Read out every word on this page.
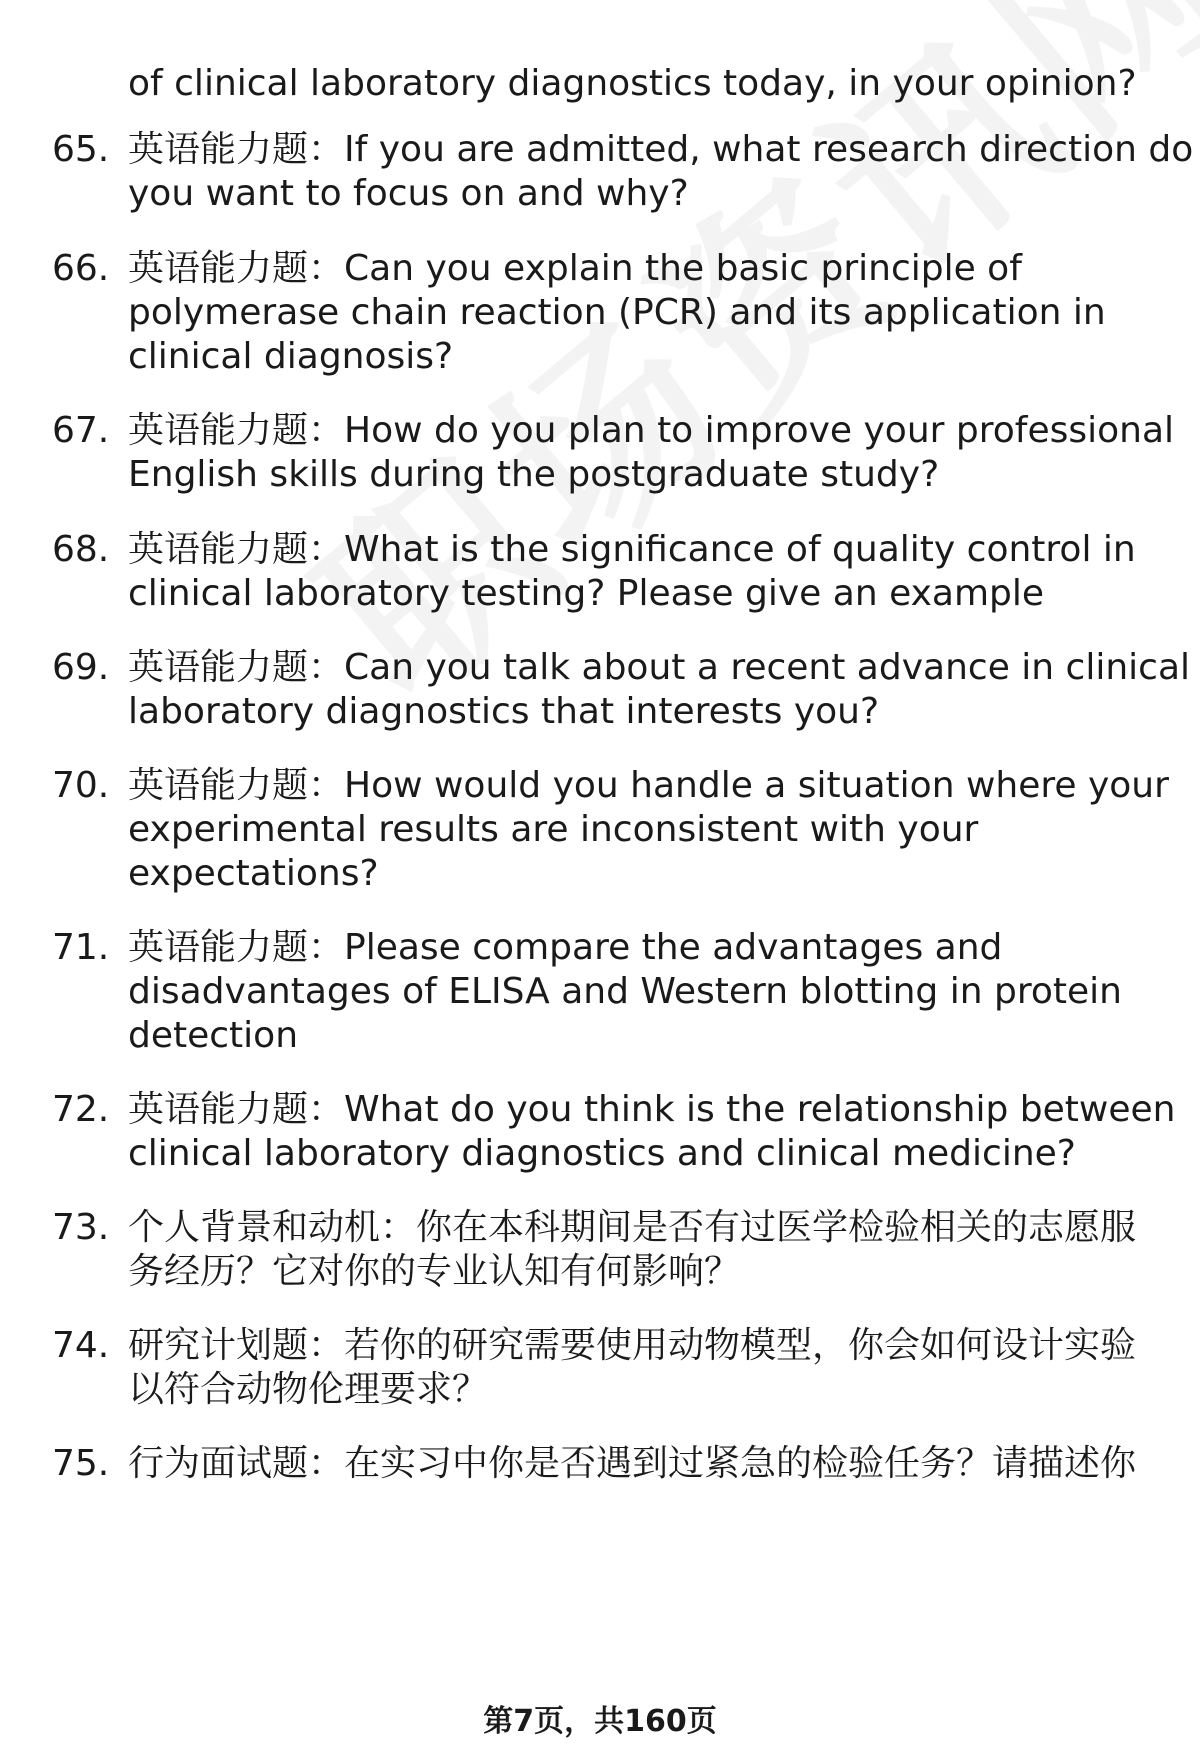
of clinical laboratory diagnostics today, in your opinion?
65. 英语能力题：If you are admitted, what research direction do
you want to focus on and why?
66. 英语能力题：Can you explain the basic principle of
polymerase chain reaction (PCR) and its application in
clinical diagnosis?
67. 英语能力题：How do you plan to improve your professional
English skills during the postgraduate study?
68. 英语能力题：What is the significance of quality control in
clinical laboratory testing? Please give an example
69. 英语能力题：Can you talk about a recent advance in clinical
laboratory diagnostics that interests you?
70. 英语能力题：How would you handle a situation where your
experimental results are inconsistent with your
expectations?
71. 英语能力题：Please compare the advantages and
disadvantages of ELISA and Western blotting in protein
detection
72. 英语能力题：What do you think is the relationship between
clinical laboratory diagnostics and clinical medicine?
73. 个人背景和动机：你在本科期间是否有过医学检验相关的志愿服
务经历？它对你的专业认知有何影响？
74. 研究计划题：若你的研究需要使用动物模型，你会如何设计实验
以符合动物伦理要求？
75. 行为面试题：在实习中你是否遇到过紧急的检验任务？请描述你
第7页，共160页
